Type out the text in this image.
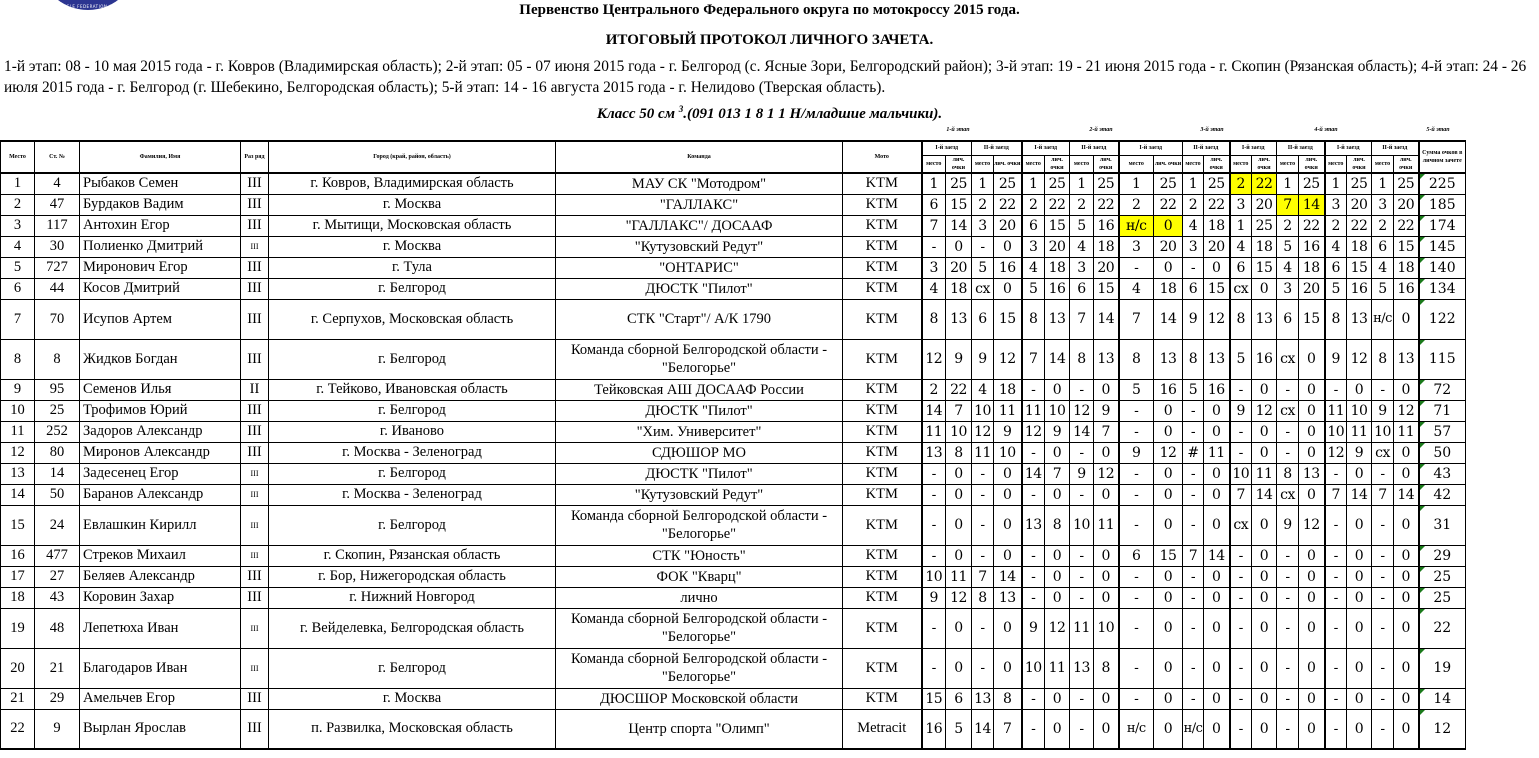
CYCLE FEDERATION OF	Первенство Центрального Федерального округа по мотокроссу 2015 года.
ИТОГОВЫЙ ПРОТОКОЛ ЛИЧНОГО ЗАЧЕТА.
1-й этап: 08 - 10 мая 2015 года - г. Ковров (Владимирская область); 2-й этап: 05 - 07 июня 2015 года - г. Белгород (с. Ясные Зори, Белгородский район); 3-й этап: 19 - 21 июня 2015 года - г. Скопин (Рязанская область); 4-й этап: 24 - 26 июля 2015 года - г. Белгород (г. Шебекино, Белгородская область); 5-й этап: 14 - 16 августа 2015 года - г. Нелидово (Тверская область).
Класс 50 см $^3$.(091 013 1 8 1 1 Н/младшие мальчики).
1-й этап	2-й этап	3-й этап	4-й этап	5-й этап
Место	Ст. №	Фамилия, Имя	Раз ряд	Город (край, район, область)	Команда	Мото	I-й заезд		II-й заезд		I-й заезд		II-й заезд		I-й заезд		II-й заезд		I-й заезд		II-й заезд		I-й заезд		II-й заезд		Сумма очков в личном зачете
							место	лич. очки	место	лич. очки	место	лич. очки	место	лич. очки	место	лич. очки	место	лич. очки	место	лич. очки	место	лич. очки	место	лич. очки	место	лич. очки	
1	4	Рыбаков Семен	III	г. Ковров, Владимирская область	МАУ СК "Мотодром"	KTM	1	25	1	25	1	25	1	25	1	25	1	25	2	22	1	25	1	25	1	25	225
2	47	Бурдаков Вадим	III	г. Москва	"ГАЛЛАКС"	KTM	6	15	2	22	2	22	2	22	2	22	2	22	3	20	7	14	3	20	3	20	185
3	117	Антохин Егор	III	г. Мытищи, Московская область	"ГАЛЛАКС"/ ДОСААФ	KTM	7	14	3	20	6	15	5	16	н/с	0	4	18	1	25	2	22	2	22	2	22	174
4	30	Полиенко Дмитрий	III	г. Москва	"Кутузовский Редут"	KTM	-	0	-	0	3	20	4	18	3	20	3	20	4	18	5	16	4	18	6	15	145
5	727	Миронович Егор	III	г. Тула	"ОНТАРИС"	KTM	3	20	5	16	4	18	3	20	-	0	-	0	6	15	4	18	6	15	4	18	140
6	44	Косов Дмитрий	III	г. Белгород	ДЮСТК "Пилот"	KTM	4	18	сх	0	5	16	6	15	4	18	6	15	сх	0	3	20	5	16	5	16	134
7	70	Исупов Артем	III	г. Серпухов, Московская область	СТК "Старт"/ А/К 1790	KTM	8	13	6	15	8	13	7	14	7	14	9	12	8	13	6	15	8	13	н/с	0	122
8	8	Жидков Богдан	III	г. Белгород	Команда сборной Белгородской области - "Белогорье"	KTM	12	9	9	12	7	14	8	13	8	13	8	13	5	16	сх	0	9	12	8	13	115
9	95	Семенов Илья	II	г. Тейково, Ивановская область	Тейковская АШ ДОСААФ России	KTM	2	22	4	18	-	0	-	0	5	16	5	16	-	0	-	0	-	0	-	0	72
10	25	Трофимов Юрий	III	г. Белгород	ДЮСТК "Пилот"	KTM	14	7	10	11	11	10	12	9	-	0	-	0	9	12	сх	0	11	10	9	12	71
11	252	Задоров Александр	III	г. Иваново	"Хим. Университет"	KTM	11	10	12	9	12	9	14	7	-	0	-	0	-	0	-	0	10	11	10	11	57
12	80	Миронов Александр	III	г. Москва - Зеленоград	СДЮШОР МО	KTM	13	8	11	10	-	0	-	0	9	12	#	11	-	0	-	0	12	9	сх	0	50
13	14	Задесенец Егор	III	г. Белгород	ДЮСТК "Пилот"	KTM	-	0	-	0	14	7	9	12	-	0	-	0	10	11	8	13	-	0	-	0	43
14	50	Баранов Александр	III	г. Москва - Зеленоград	"Кутузовский Редут"	KTM	-	0	-	0	-	0	-	0	-	0	-	0	7	14	сх	0	7	14	7	14	42
15	24	Евлашкин Кирилл	III	г. Белгород	Команда сборной Белгородской области - "Белогорье"	KTM	-	0	-	0	13	8	10	11	-	0	-	0	сх	0	9	12	-	0	-	0	31
16	477	Стреков Михаил	III	г. Скопин, Рязанская область	СТК "Юность"	KTM	-	0	-	0	-	0	-	0	6	15	7	14	-	0	-	0	-	0	-	0	29
17	27	Беляев Александр	III	г. Бор, Нижегородская область	ФОК "Кварц"	KTM	10	11	7	14	-	0	-	0	-	0	-	0	-	0	-	0	-	0	-	0	25
18	43	Коровин Захар	III	г. Нижний Новгород	лично	KTM	9	12	8	13	-	0	-	0	-	0	-	0	-	0	-	0	-	0	-	0	25
19	48	Лепетюха Иван	III	г. Вейделевка, Белгородская область	Команда сборной Белгородской области - "Белогорье"	KTM	-	0	-	0	9	12	11	10	-	0	-	0	-	0	-	0	-	0	-	0	22
20	21	Благодаров Иван	III	г. Белгород	Команда сборной Белгородской области - "Белогорье"	KTM	-	0	-	0	10	11	13	8	-	0	-	0	-	0	-	0	-	0	-	0	19
21	29	Амельчев Егор	III	г. Москва	ДЮСШОР Московской области	KTM	15	6	13	8	-	0	-	0	-	0	-	0	-	0	-	0	-	0	-	0	14
22	9	Вырлан Ярослав	III	п. Развилка, Московская область	Центр спорта "Олимп"	Metracit	16	5	14	7	-	0	-	0	н/с	0	н/с	0	-	0	-	0	-	0	-	0	12
